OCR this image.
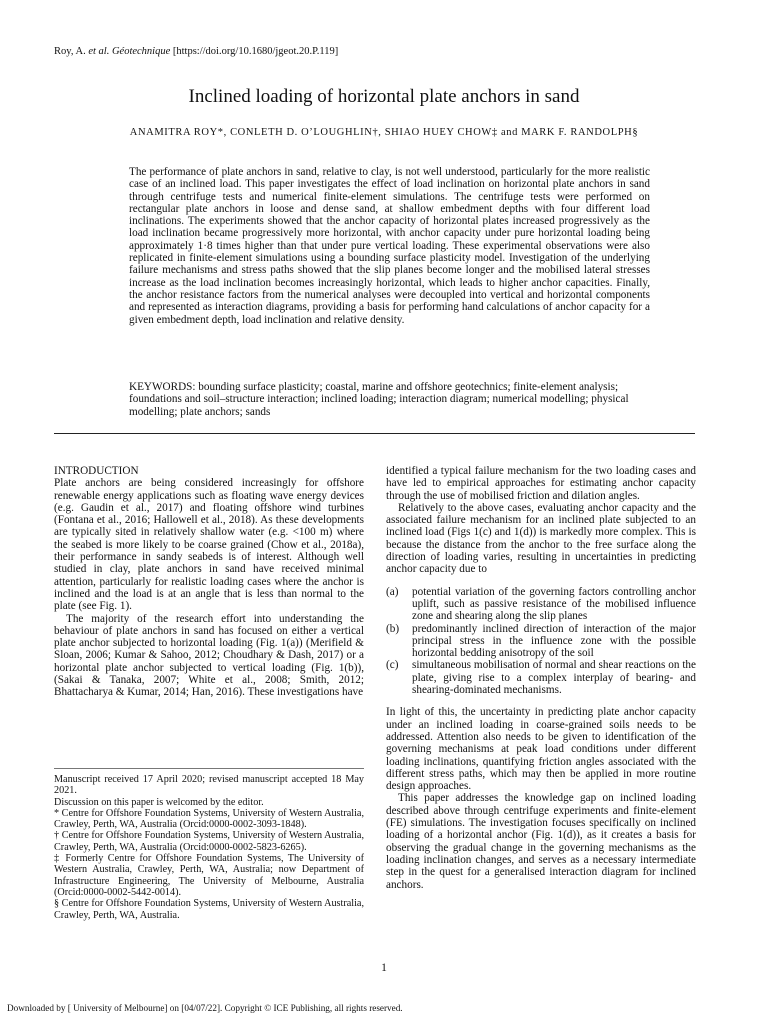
Roy, A. et al. Géotechnique [https://doi.org/10.1680/jgeot.20.P.119]
Inclined loading of horizontal plate anchors in sand
ANAMITRA ROY*, CONLETH D. O’LOUGHLIN†, SHIAO HUEY CHOW‡ and MARK F. RANDOLPH§
The performance of plate anchors in sand, relative to clay, is not well understood, particularly for the more realistic case of an inclined load. This paper investigates the effect of load inclination on horizontal plate anchors in sand through centrifuge tests and numerical finite-element simulations. The centrifuge tests were performed on rectangular plate anchors in loose and dense sand, at shallow embedment depths with four different load inclinations. The experiments showed that the anchor capacity of horizontal plates increased progressively as the load inclination became progressively more horizontal, with anchor capacity under pure horizontal loading being approximately 1·8 times higher than that under pure vertical loading. These experimental observations were also replicated in finite-element simulations using a bounding surface plasticity model. Investigation of the underlying failure mechanisms and stress paths showed that the slip planes become longer and the mobilised lateral stresses increase as the load inclination becomes increasingly horizontal, which leads to higher anchor capacities. Finally, the anchor resistance factors from the numerical analyses were decoupled into vertical and horizontal components and represented as interaction diagrams, providing a basis for performing hand calculations of anchor capacity for a given embedment depth, load inclination and relative density.
KEYWORDS: bounding surface plasticity; coastal, marine and offshore geotechnics; finite-element analysis; foundations and soil–structure interaction; inclined loading; interaction diagram; numerical modelling; physical modelling; plate anchors; sands
INTRODUCTION

Plate anchors are being considered increasingly for offshore renewable energy applications such as floating wave energy devices (e.g. Gaudin et al., 2017) and floating offshore wind turbines (Fontana et al., 2016; Hallowell et al., 2018). As these developments are typically sited in relatively shallow water (e.g. <100 m) where the seabed is more likely to be coarse grained (Chow et al., 2018a), their performance in sandy seabeds is of interest. Although well studied in clay, plate anchors in sand have received minimal attention, particularly for realistic loading cases where the anchor is inclined and the load is at an angle that is less than normal to the plate (see Fig. 1).

The majority of the research effort into understanding the behaviour of plate anchors in sand has focused on either a vertical plate anchor subjected to horizontal loading (Fig. 1(a)) (Merifield & Sloan, 2006; Kumar & Sahoo, 2012; Choudhary & Dash, 2017) or a horizontal plate anchor subjected to vertical loading (Fig. 1(b)), (Sakai & Tanaka, 2007; White et al., 2008; Smith, 2012; Bhattacharya & Kumar, 2014; Han, 2016). These investigations have

identified a typical failure mechanism for the two loading cases and have led to empirical approaches for estimating anchor capacity through the use of mobilised friction and dilation angles.

Relatively to the above cases, evaluating anchor capacity and the associated failure mechanism for an inclined plate subjected to an inclined load (Figs 1(c) and 1(d)) is markedly more complex. This is because the distance from the anchor to the free surface along the direction of loading varies, resulting in uncertainties in predicting anchor capacity due to

(a) potential variation of the governing factors controlling anchor uplift, such as passive resistance of the mobilised influence zone and shearing along the slip planes
(b) predominantly inclined direction of interaction of the major principal stress in the influence zone with the possible horizontal bedding anisotropy of the soil
(c) simultaneous mobilisation of normal and shear reactions on the plate, giving rise to a complex interplay of bearing- and shearing-dominated mechanisms.

In light of this, the uncertainty in predicting plate anchor capacity under an inclined loading in coarse-grained soils needs to be addressed. Attention also needs to be given to identification of the governing mechanisms at peak load conditions under different loading inclinations, quantifying friction angles associated with the different stress paths, which may then be applied in more routine design approaches.

This paper addresses the knowledge gap on inclined loading described above through centrifuge experiments and finite-element (FE) simulations. The investigation focuses specifically on inclined loading of a horizontal anchor (Fig. 1(d)), as it creates a basis for observing the gradual change in the governing mechanisms as the loading inclination changes, and serves as a necessary intermediate step in the quest for a generalised interaction diagram for inclined anchors.

Manuscript received 17 April 2020; revised manuscript accepted 18 May 2021.

Discussion on this paper is welcomed by the editor.

* Centre for Offshore Foundation Systems, University of Western Australia, Crawley, Perth, WA, Australia (Orcid:0000-0002-3093-1848).

† Centre for Offshore Foundation Systems, University of Western Australia, Crawley, Perth, WA, Australia (Orcid:0000-0002-5823-6265).

‡ Formerly Centre for Offshore Foundation Systems, The University of Western Australia, Crawley, Perth, WA, Australia; now Department of Infrastructure Engineering, The University of Melbourne, Australia (Orcid:0000-0002-5442-0014).

§ Centre for Offshore Foundation Systems, University of Western Australia, Crawley, Perth, WA, Australia.

1
Downloaded by [ University of Melbourne] on [04/07/22]. Copyright © ICE Publishing, all rights reserved.
